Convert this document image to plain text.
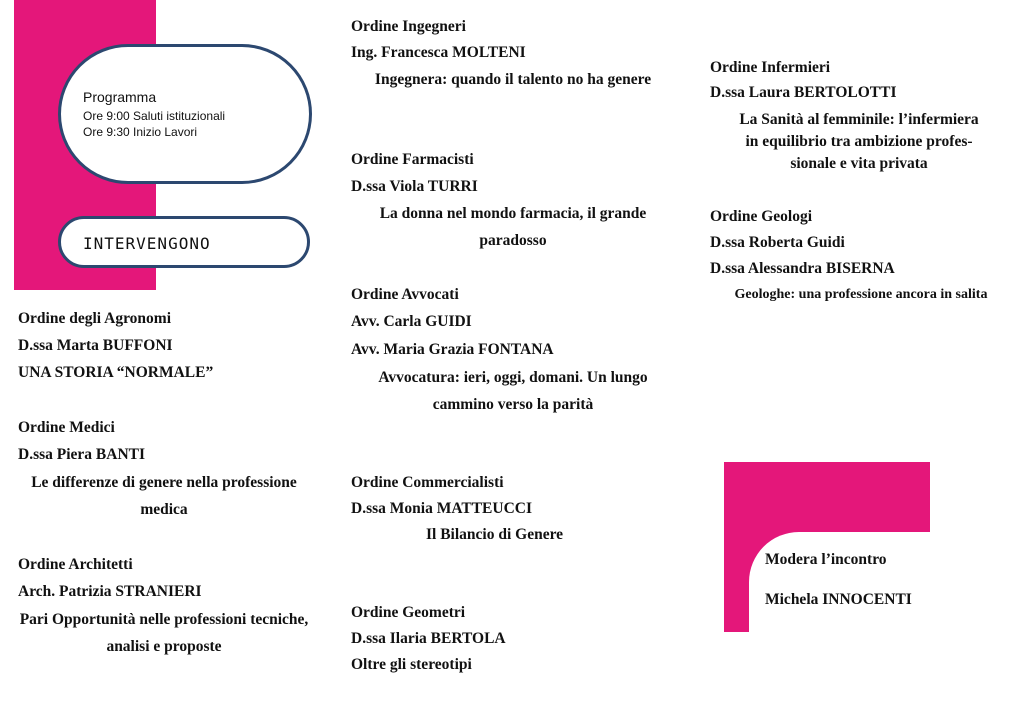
Programma
Ore 9:00 Saluti istituzionali
Ore 9:30 Inizio Lavori
INTERVENGONO
Ordine degli Agronomi
D.ssa Marta BUFFONI
UNA STORIA “NORMALE”
Ordine Medici
D.ssa Piera BANTI
Le differenze di genere nella professione medica
Ordine Architetti
Arch. Patrizia STRANIERI
Pari Opportunità nelle professioni tecniche, analisi e proposte
Ordine Ingegneri
Ing. Francesca MOLTENI
Ingegnera: quando il talento no ha genere
Ordine Farmacisti
D.ssa Viola TURRI
La donna nel mondo farmacia, il grande paradosso
Ordine Avvocati
Avv. Carla GUIDI
Avv. Maria Grazia FONTANA
Avvocatura: ieri, oggi, domani. Un lungo cammino verso la parità
Ordine Commercialisti
D.ssa Monia MATTEUCCI
Il Bilancio di Genere
Ordine Geometri
D.ssa Ilaria BERTOLA
Oltre gli stereotipi
Ordine Infermieri
D.ssa Laura BERTOLOTTI
La Sanità al femminile: l’infermiera
in equilibrio tra ambizione profes-
sionale e vita privata
Ordine Geologi
D.ssa Roberta Guidi
D.ssa Alessandra BISERNA
Geologhe: una professione ancora in salita
Modera l’incontro
Michela INNOCENTI
